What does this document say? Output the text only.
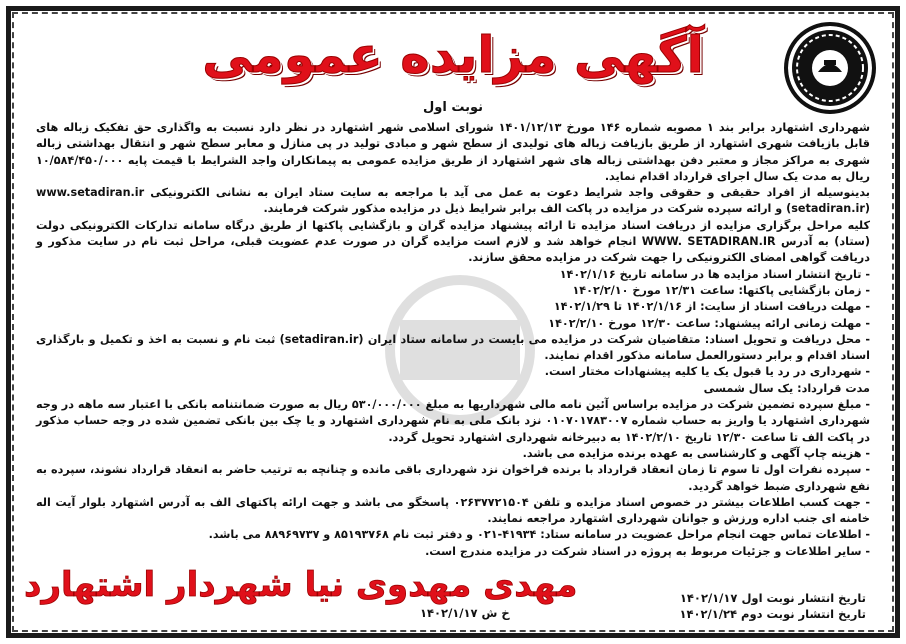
آگهی مزایده عمومی
نوبت اول

شهرداری اشتهارد برابر بند ۱ مصوبه شماره ۱۴۶ مورخ ۱۴۰۱/۱۲/۱۳ شورای اسلامی شهر اشتهارد در نظر دارد نسبت به واگذاری حق تفکیک زباله های قابل بازیافت شهری اشتهارد از طریق بازیافت زباله های تولیدی از سطح شهر و مبادی تولید در پی منازل و معابر سطح شهر و انتقال بهداشتی زباله شهری به مراکز مجاز و معتبر دفن بهداشتی زباله های شهر اشتهارد از طریق مزایده عمومی به پیمانکاران واجد الشرایط با قیمت پایه ۱۰/۵۸۴/۴۵۰/۰۰۰ ریال به مدت یک سال اجرای قرارداد اقدام نماید.

بدینوسیله از افراد حقیقی و حقوقی واجد شرایط دعوت به عمل می آید با مراجعه به سایت ستاد ایران به نشانی الکترونیکی www.setadiran.ir (setadiran.ir) و ارائه سپرده شرکت در مزایده در پاکت الف برابر شرایط ذیل در مزایده مذکور شرکت فرمایند.

کلیه مراحل برگزاری مزایده از دریافت اسناد مزایده تا ارائه پیشنهاد مزایده گران و بازگشایی پاکتها از طریق درگاه سامانه تدارکات الکترونیکی دولت (ستاد) به آدرس WWW. SETADIRAN.IR انجام خواهد شد و لازم است مزایده گران در صورت عدم عضویت قبلی، مراحل ثبت نام در سایت مذکور و دریافت گواهی امضای الکترونیکی را جهت شرکت در مزایده محقق سازند.

- تاریخ انتشار اسناد مزایده ها در سامانه تاریخ ۱۴۰۲/۱/۱۶

- زمان بازگشایی پاکتها: ساعت ۱۲/۳۱ مورخ ۱۴۰۲/۲/۱۰

- مهلت دریافت اسناد از سایت: از ۱۴۰۲/۱/۱۶ تا ۱۴۰۲/۱/۲۹

- مهلت زمانی ارائه پیشنهاد: ساعت ۱۲/۳۰ مورخ ۱۴۰۲/۲/۱۰

- محل دریافت و تحویل اسناد: متقاضیان شرکت در مزایده می بایست در سامانه ستاد ایران (setadiran.ir) ثبت نام و نسبت به اخذ و تکمیل و بارگذاری اسناد اقدام و برابر دستورالعمل سامانه مذکور اقدام نمایند.

- شهرداری در رد یا قبول یک یا کلیه پیشنهادات مختار است.

مدت قرارداد: یک سال شمسی

- مبلغ سپرده تضمین شرکت در مزایده براساس آئین نامه مالی شهرداریها به مبلغ ۵۳۰/۰۰۰/۰۰۰ ریال به صورت ضمانتنامه بانکی با اعتبار سه ماهه در وجه شهرداری اشتهارد یا واریز به حساب شماره ۰۱۰۷۰۱۷۸۳۰۰۷ نزد بانک ملی به نام شهرداری اشتهارد و یا چک بین بانکی تضمین شده در وجه حساب مذکور در پاکت الف تا ساعت ۱۲/۳۰ تاریخ ۱۴۰۲/۲/۱۰ به دبیرخانه شهرداری اشتهارد تحویل گردد.

- هزینه چاپ آگهی و کارشناسی به عهده برنده مزایده می باشد.

- سپرده نفرات اول تا سوم تا زمان انعقاد قرارداد با برنده فراخوان نزد شهرداری باقی مانده و چنانچه به ترتیب حاضر به انعقاد قرارداد نشوند، سپرده به نفع شهرداری ضبط خواهد گردید.

- جهت کسب اطلاعات بیشتر در خصوص اسناد مزایده و تلفن ۰۲۶۳۷۷۲۱۵۰۴ پاسخگو می باشد و جهت ارائه پاکتهای الف به آدرس اشتهارد بلوار آیت اله خامنه ای جنب اداره ورزش و جوانان شهرداری اشتهارد مراجعه نمایند.

- اطلاعات تماس جهت انجام مراحل عضویت در سامانه ستاد: ۴۱۹۳۴-۰۲۱ و دفتر ثبت نام ۸۵۱۹۳۷۶۸ و ۸۸۹۶۹۷۳۷ می باشد.

- سایر اطلاعات و جزئیات مربوط به پروژه در اسناد شرکت در مزایده مندرج است.

مهدی مهدوی نیا شهردار اشتهارد
خ ش ۱۴۰۲/۱/۱۷
تاریخ انتشار نوبت اول ۱۴۰۲/۱/۱۷
تاریخ انتشار نوبت دوم ۱۴۰۲/۱/۲۴
